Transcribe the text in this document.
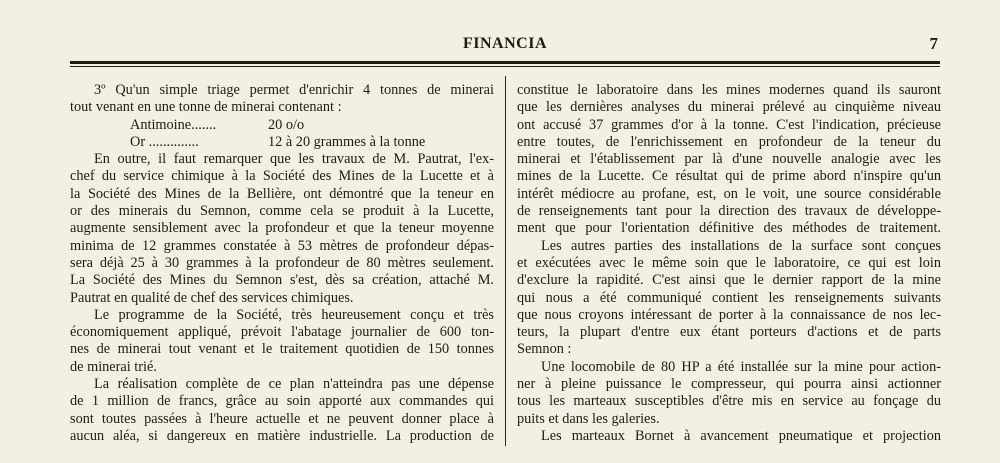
FINANCIA	7
3º Qu'un simple triage permet d'enrichir 4 tonnes de minerai
tout venant en une tonne de minerai contenant :
Antimoine.......	20 o/o
Or ..............	12 à 20 grammes à la tonne
En outre, il faut remarquer que les travaux de M. Pautrat, l'ex-
chef du service chimique à la Société des Mines de la Lucette et à
la Société des Mines de la Bellière, ont démontré que la teneur en
or des minerais du Semnon, comme cela se produit à la Lucette,
augmente sensiblement avec la profondeur et que la teneur moyenne
minima de 12 grammes constatée à 53 mètres de profondeur dépas-
sera déjà 25 à 30 grammes à la profondeur de 80 mètres seulement.
La Société des Mines du Semnon s'est, dès sa création, attaché M.
Pautrat en qualité de chef des services chimiques.
Le programme de la Société, très heureusement conçu et très
économiquement appliqué, prévoit l'abatage journalier de 600 ton-
nes de minerai tout venant et le traitement quotidien de 150 tonnes
de minerai trié.
La réalisation complète de ce plan n'atteindra pas une dépense
de 1 million de francs, grâce au soin apporté aux commandes qui
sont toutes passées à l'heure actuelle et ne peuvent donner place à
aucun aléa, si dangereux en matière industrielle. La production de
constitue le laboratoire dans les mines modernes quand ils sauront
que les dernières analyses du minerai prélevé au cinquième niveau
ont accusé 37 grammes d'or à la tonne. C'est l'indication, précieuse
entre toutes, de l'enrichissement en profondeur de la teneur du
minerai et l'établissement par là d'une nouvelle analogie avec les
mines de la Lucette. Ce résultat qui de prime abord n'inspire qu'un
intérêt médiocre au profane, est, on le voit, une source considérable
de renseignements tant pour la direction des travaux de développe-
ment que pour l'orientation définitive des méthodes de traitement.
Les autres parties des installations de la surface sont conçues
et exécutées avec le même soin que le laboratoire, ce qui est loin
d'exclure la rapidité. C'est ainsi que le dernier rapport de la mine
qui nous a été communiqué contient les renseignements suivants
que nous croyons intéressant de porter à la connaissance de nos lec-
teurs, la plupart d'entre eux étant porteurs d'actions et de parts
Semnon :
Une locomobile de 80 HP a été installée sur la mine pour action-
ner à pleine puissance le compresseur, qui pourra ainsi actionner
tous les marteaux susceptibles d'être mis en service au fonçage du
puits et dans les galeries.
Les marteaux Bornet à avancement pneumatique et projection
